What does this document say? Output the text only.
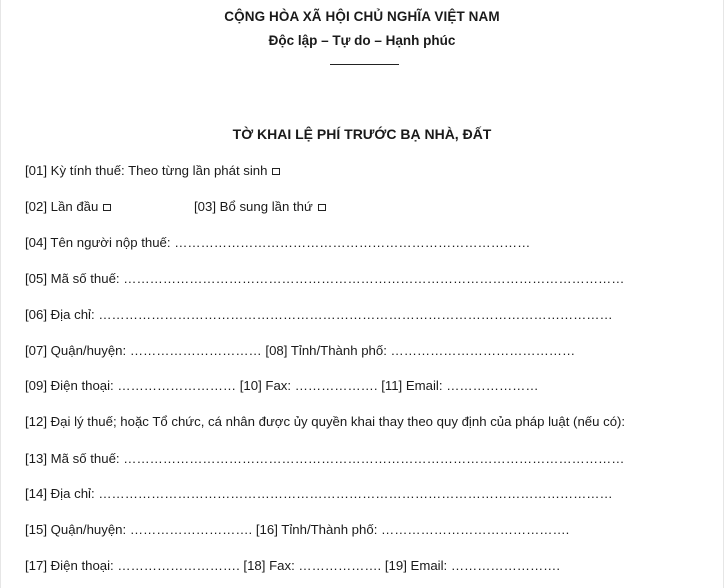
CỘNG HÒA XÃ HỘI CHỦ NGHĨA VIỆT NAM
Độc lập – Tự do – Hạnh phúc
TỜ KHAI LỆ PHÍ TRƯỚC BẠ NHÀ, ĐẤT
[01] Kỳ tính thuế: Theo từng lần phát sinh
[02] Lần đầu	[03] Bổ sung lần thứ
[04] Tên người nộp thuế: ………………………………………………………………………
[05] Mã số thuế: ……………………………………………………………………………………………………
[06] Địa chỉ: ………………………………………………………………………………………………………
[07] Quận/huyện: ………………………… [08] Tỉnh/Thành phố: ……………………………………
[09] Điện thoại: ……………………… [10] Fax: ………………. [11] Email: …………………
[12] Đại lý thuế; hoặc Tổ chức, cá nhân được ủy quyền khai thay theo quy định của pháp luật (nếu có):
[13] Mã số thuế: ……………………………………………………………………………………………………
[14] Địa chỉ: ………………………………………………………………………………………………………
[15] Quận/huyện: ………………………. [16] Tỉnh/Thành phố: …………………………………….
[17] Điện thoại: ………………………. [18] Fax: ………………. [19] Email: …………………….
